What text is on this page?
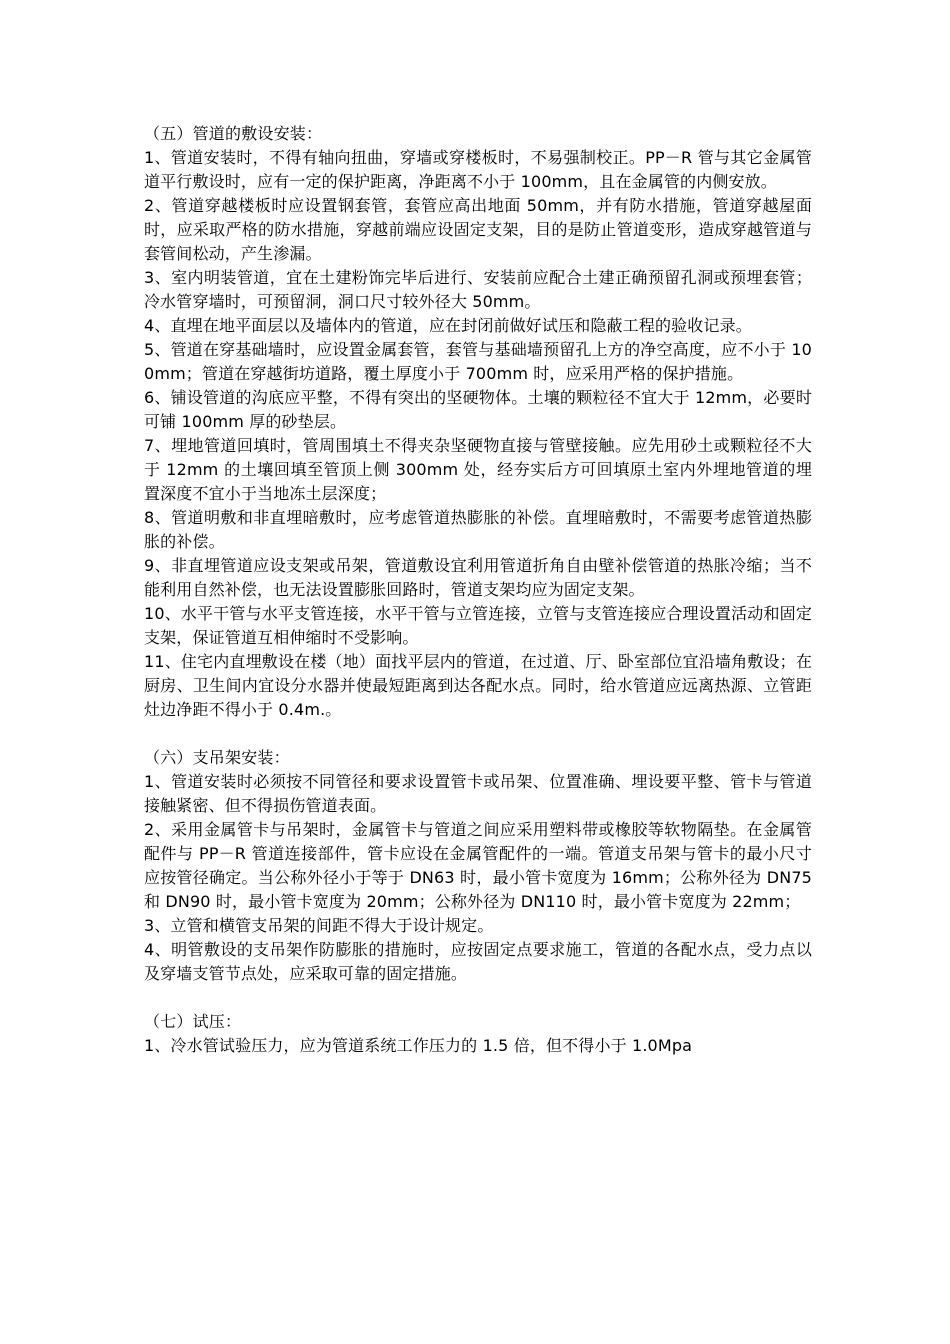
（五）管道的敷设安装：

1、管道安装时，不得有轴向扭曲，穿墙或穿楼板时，不易强制校正。PP－R 管与其它金属管道平行敷设时，应有一定的保护距离，净距离不小于 100mm，且在金属管的内侧安放。

2、管道穿越楼板时应设置钢套管，套管应高出地面 50mm，并有防水措施，管道穿越屋面时，应采取严格的防水措施，穿越前端应设固定支架，目的是防止管道变形，造成穿越管道与套管间松动，产生渗漏。

3、室内明装管道，宜在土建粉饰完毕后进行、安装前应配合土建正确预留孔洞或预埋套管；冷水管穿墙时，可预留洞，洞口尺寸较外径大 50mm。

4、直埋在地平面层以及墙体内的管道，应在封闭前做好试压和隐蔽工程的验收记录。

5、管道在穿基础墙时，应设置金属套管，套管与基础墙预留孔上方的净空高度，应不小于 100mm；管道在穿越街坊道路，覆土厚度小于 700mm 时，应采用严格的保护措施。

6、铺设管道的沟底应平整，不得有突出的坚硬物体。土壤的颗粒径不宜大于 12mm，必要时可铺 100mm 厚的砂垫层。

7、埋地管道回填时，管周围填土不得夹杂坚硬物直接与管壁接触。应先用砂土或颗粒径不大于 12mm 的土壤回填至管顶上侧 300mm 处，经夯实后方可回填原土室内外埋地管道的埋置深度不宜小于当地冻土层深度；

8、管道明敷和非直埋暗敷时，应考虑管道热膨胀的补偿。直埋暗敷时，不需要考虑管道热膨胀的补偿。

9、非直埋管道应设支架或吊架，管道敷设宜利用管道折角自由壁补偿管道的热胀冷缩；当不能利用自然补偿，也无法设置膨胀回路时，管道支架均应为固定支架。

10、水平干管与水平支管连接，水平干管与立管连接，立管与支管连接应合理设置活动和固定支架，保证管道互相伸缩时不受影响。

11、住宅内直埋敷设在楼（地）面找平层内的管道，在过道、厅、卧室部位宜沿墙角敷设；在厨房、卫生间内宜设分水器并使最短距离到达各配水点。同时，给水管道应远离热源、立管距灶边净距不得小于 0.4m.。

（六）支吊架安装：

1、管道安装时必须按不同管径和要求设置管卡或吊架、位置准确、埋设要平整、管卡与管道接触紧密、但不得损伤管道表面。

2、采用金属管卡与吊架时，金属管卡与管道之间应采用塑料带或橡胶等软物隔垫。在金属管配件与 PP－R 管道连接部件，管卡应设在金属管配件的一端。管道支吊架与管卡的最小尺寸应按管径确定。当公称外径小于等于 DN63 时，最小管卡宽度为 16mm；公称外径为 DN75 和 DN90 时，最小管卡宽度为 20mm；公称外径为 DN110 时，最小管卡宽度为 22mm；

3、立管和横管支吊架的间距不得大于设计规定。

4、明管敷设的支吊架作防膨胀的措施时，应按固定点要求施工，管道的各配水点，受力点以及穿墙支管节点处，应采取可靠的固定措施。

（七）试压：

1、冷水管试验压力，应为管道系统工作压力的 1.5 倍，但不得小于 1.0Mpa
